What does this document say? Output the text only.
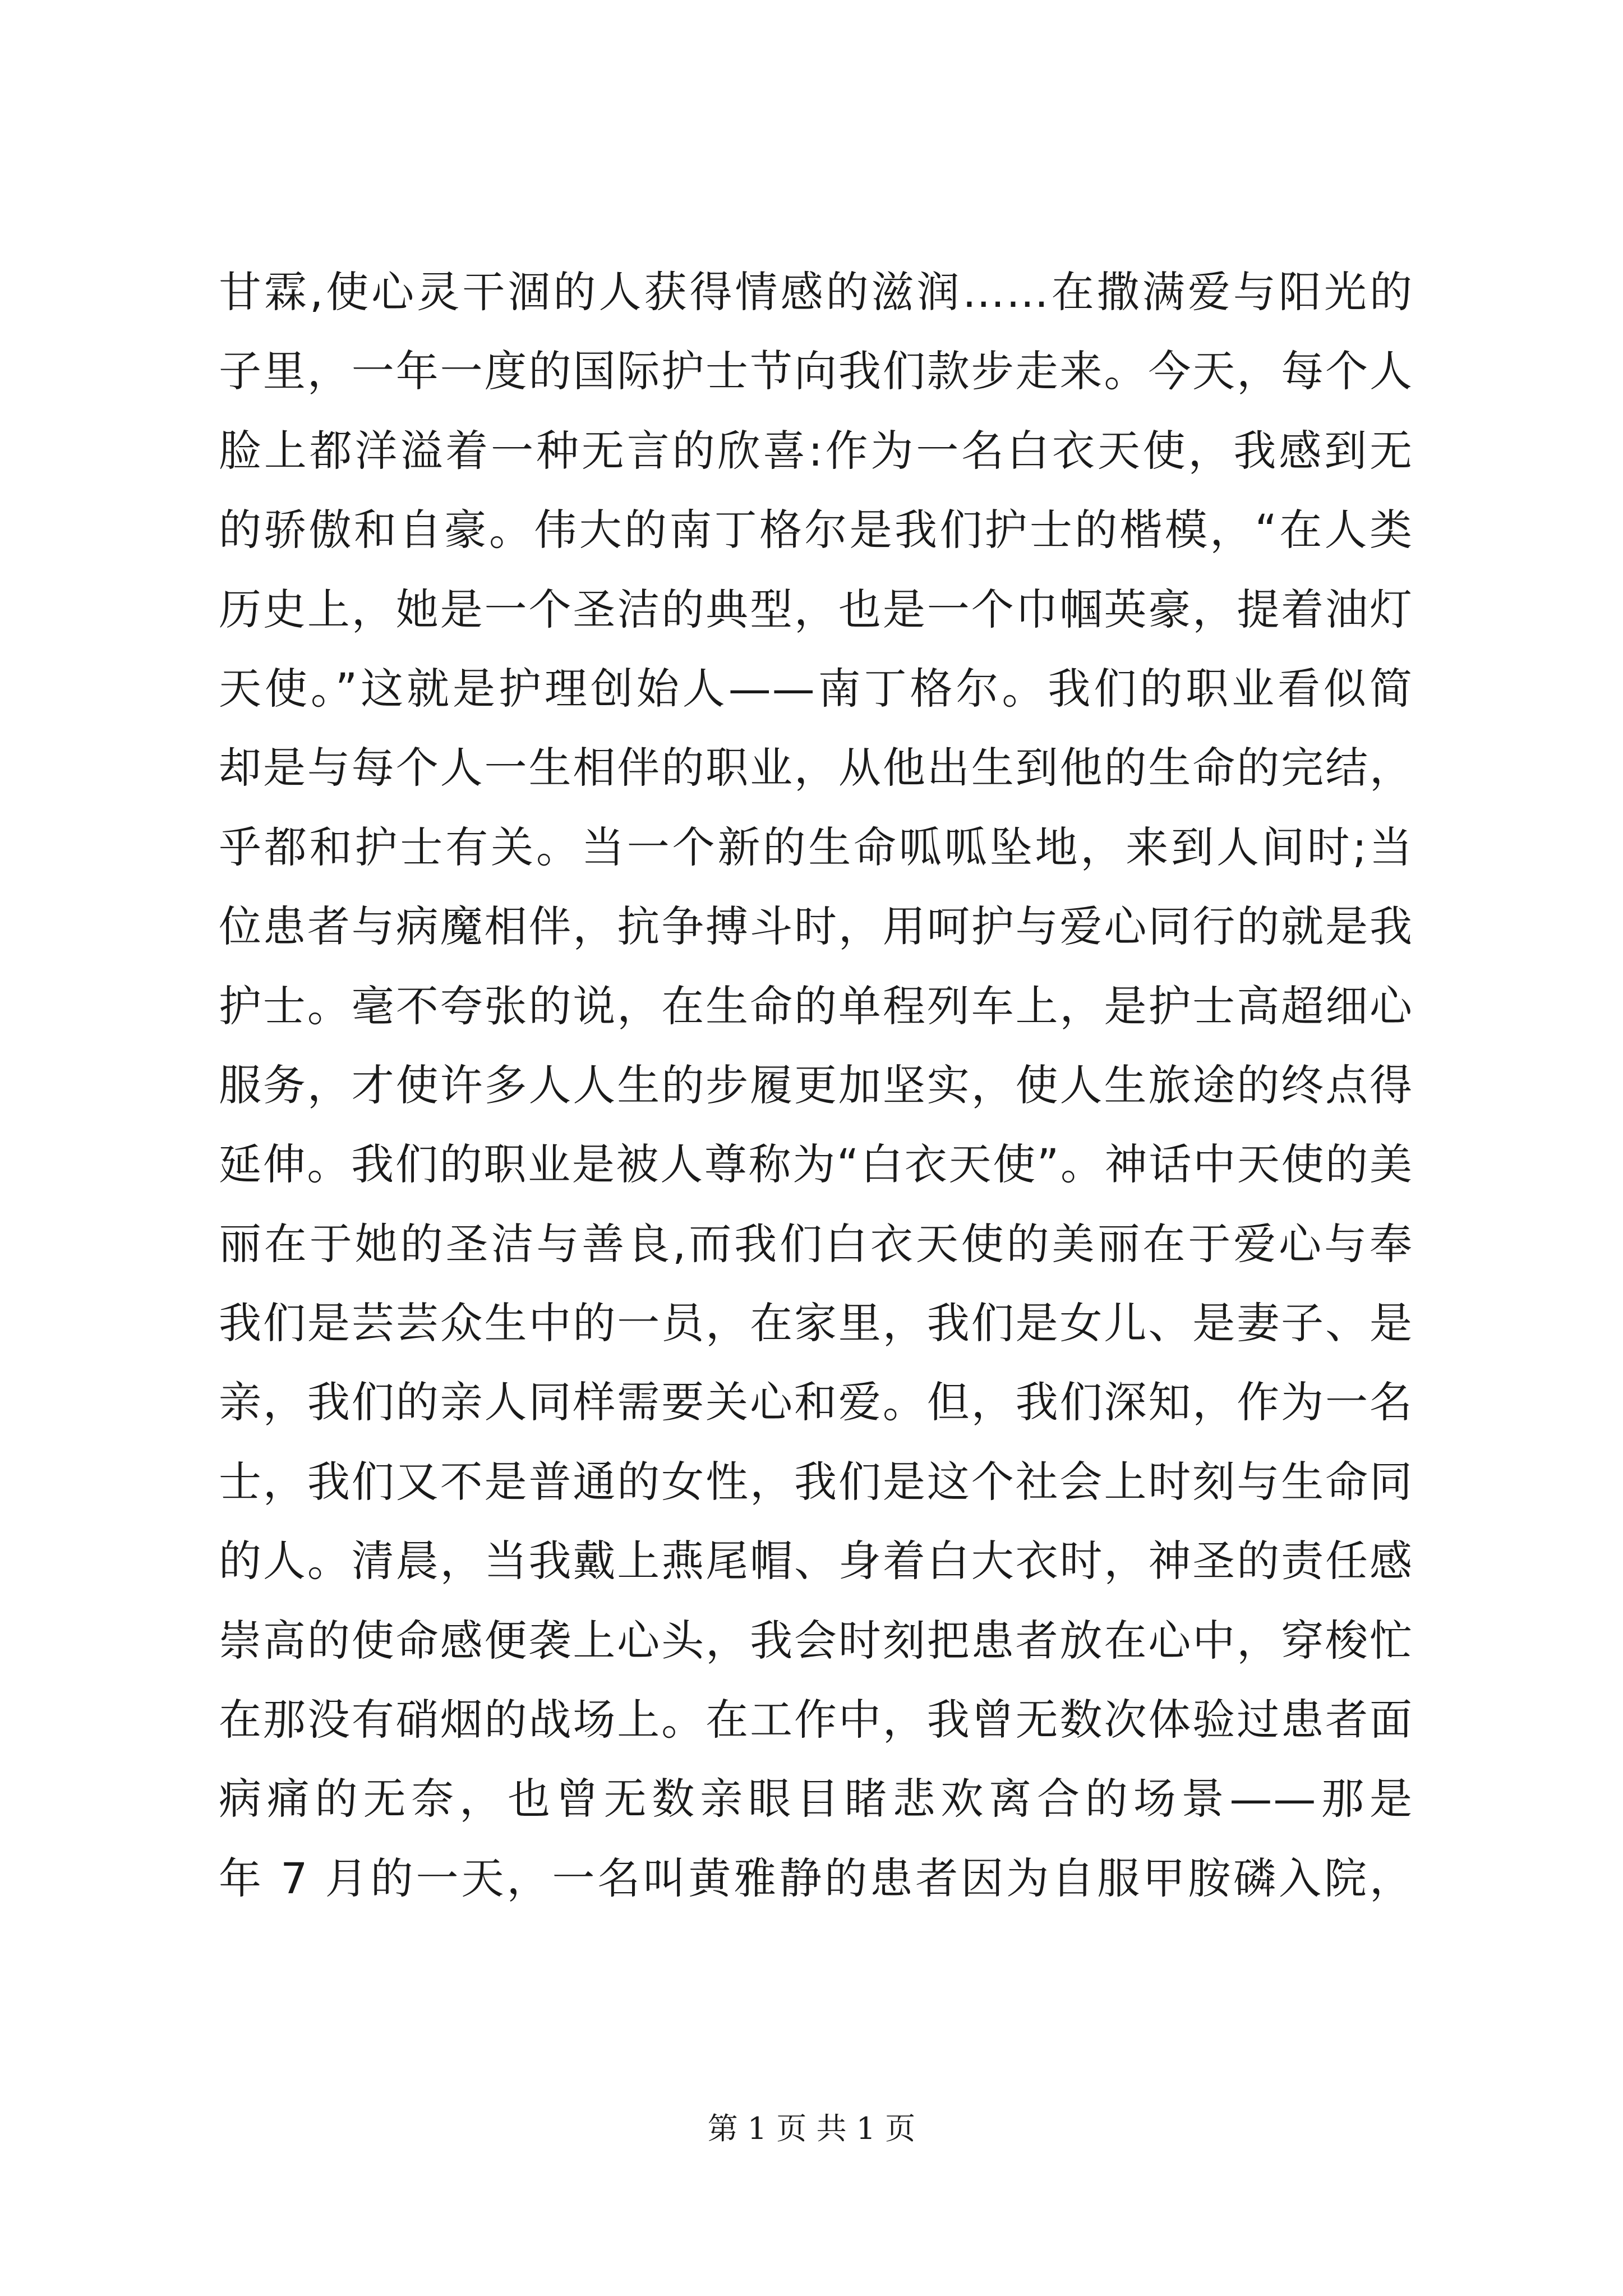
甘霖,使心灵干涸的人获得情感的滋润……在撒满爱与阳光的
子里，一年一度的国际护士节向我们款步走来。今天，每个人
脸上都洋溢着一种无言的欣喜:作为一名白衣天使，我感到无
的骄傲和自豪。伟大的南丁格尔是我们护士的楷模，“在人类
历史上，她是一个圣洁的典型，也是一个巾帼英豪，提着油灯
天使。”这就是护理创始人——南丁格尔。我们的职业看似简
却是与每个人一生相伴的职业，从他出生到他的生命的完结，
乎都和护士有关。当一个新的生命呱呱坠地，来到人间时;当
位患者与病魔相伴，抗争搏斗时，用呵护与爱心同行的就是我
护士。毫不夸张的说，在生命的单程列车上，是护士高超细心
服务，才使许多人人生的步履更加坚实，使人生旅途的终点得
延伸。我们的职业是被人尊称为“白衣天使”。神话中天使的美
丽在于她的圣洁与善良,而我们白衣天使的美丽在于爱心与奉
我们是芸芸众生中的一员，在家里，我们是女儿、是妻子、是
亲，我们的亲人同样需要关心和爱。但，我们深知，作为一名
士，我们又不是普通的女性，我们是这个社会上时刻与生命同
的人。清晨，当我戴上燕尾帽、身着白大衣时，神圣的责任感
崇高的使命感便袭上心头，我会时刻把患者放在心中，穿梭忙
在那没有硝烟的战场上。在工作中，我曾无数次体验过患者面
病痛的无奈，也曾无数亲眼目睹悲欢离合的场景——那是
年 7 月的一天，一名叫黄雅静的患者因为自服甲胺磷入院，
第 1 页 共 1 页
